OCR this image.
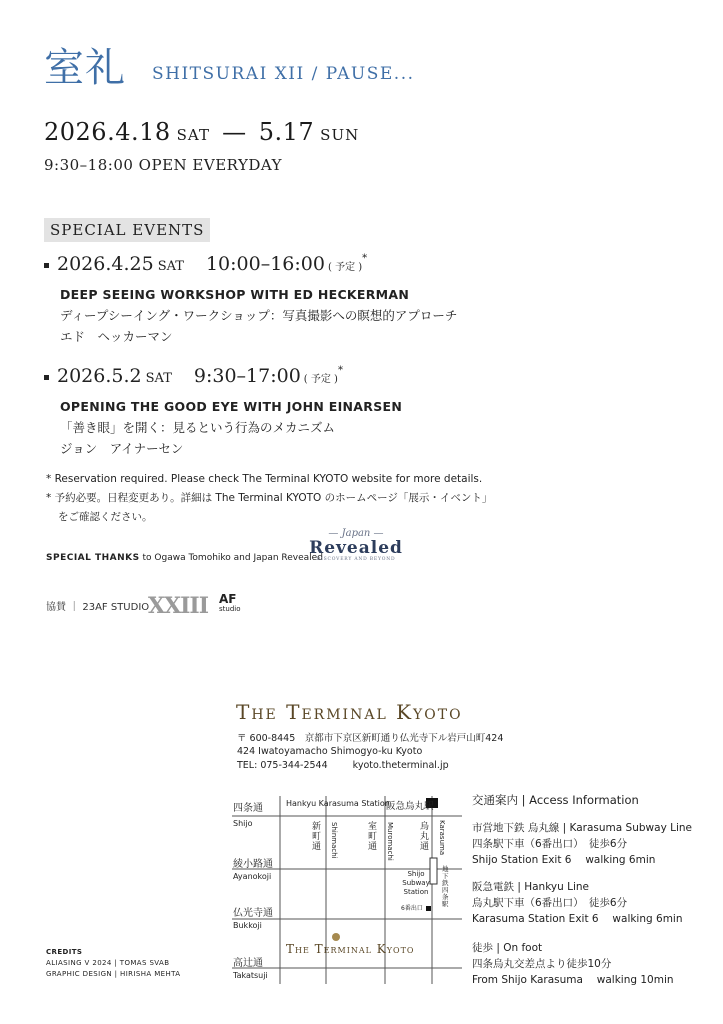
室礼 SHITSURAI XII / PAUSE...
2026.4.18 SAT — 5.17 SUN
9:30–18:00 OPEN EVERYDAY
SPECIAL EVENTS
2026.4.25 SAT 10:00–16:00 ( 予定 )*
DEEP SEEING WORKSHOP WITH ED HECKERMAN
ディープシーイング・ワークショップ：写真撮影への瞑想的アプローチ
エド　ヘッカーマン
2026.5.2 SAT 9:30–17:00 ( 予定 )*
OPENING THE GOOD EYE WITH JOHN EINARSEN
「善き眼」を開く：見るという行為のメカニズム
ジョン　アイナーセン
* Reservation required. Please check The Terminal KYOTO website for more details.
* 予約必要。日程変更あり。詳細は The Terminal KYOTO のホームページ「展示・イベント」
をご確認ください。
SPECIAL THANKS to Ogawa Tomohiko and Japan Revealed
— Japan —
Revealed
DISCOVERY AND BEYOND
協賛 ｜ 23AF STUDIO
XXIII AF
studio
The Terminal Kyoto
〒 600-8445　京都市下京区新町通り仏光寺下ル岩戸山町424
424 Iwatoyamacho Shimogyo-ku Kyoto
TEL: 075-344-2544	kyoto.theterminal.jp
四条通
Shijo
綾小路通
Ayanokoji
仏光寺通
Bukkoji
高辻通
Takatsuji
Hankyu Karasuma Station
阪急烏丸駅
新町通	Shinmachi	室町通	Muromachi	烏丸通	Karasuma
Shijo Subway Station
6番出口
地下鉄四条駅
The Terminal Kyoto
交通案内 | Access Information
市営地下鉄 烏丸線 | Karasuma Subway Line
四条駅下車（6番出口）　徒歩6分
Shijo Station Exit 6　 walking 6min
阪急電鉄 | Hankyu Line
烏丸駅下車（6番出口）　徒歩6分
Karasuma Station Exit 6　 walking 6min
徒歩 | On foot
四条烏丸交差点より徒歩10分
From Shijo Karasuma　 walking 10min
CREDITS
ALIASING V 2024 | TOMAS SVAB
GRAPHIC DESIGN | HIRISHA MEHTA
